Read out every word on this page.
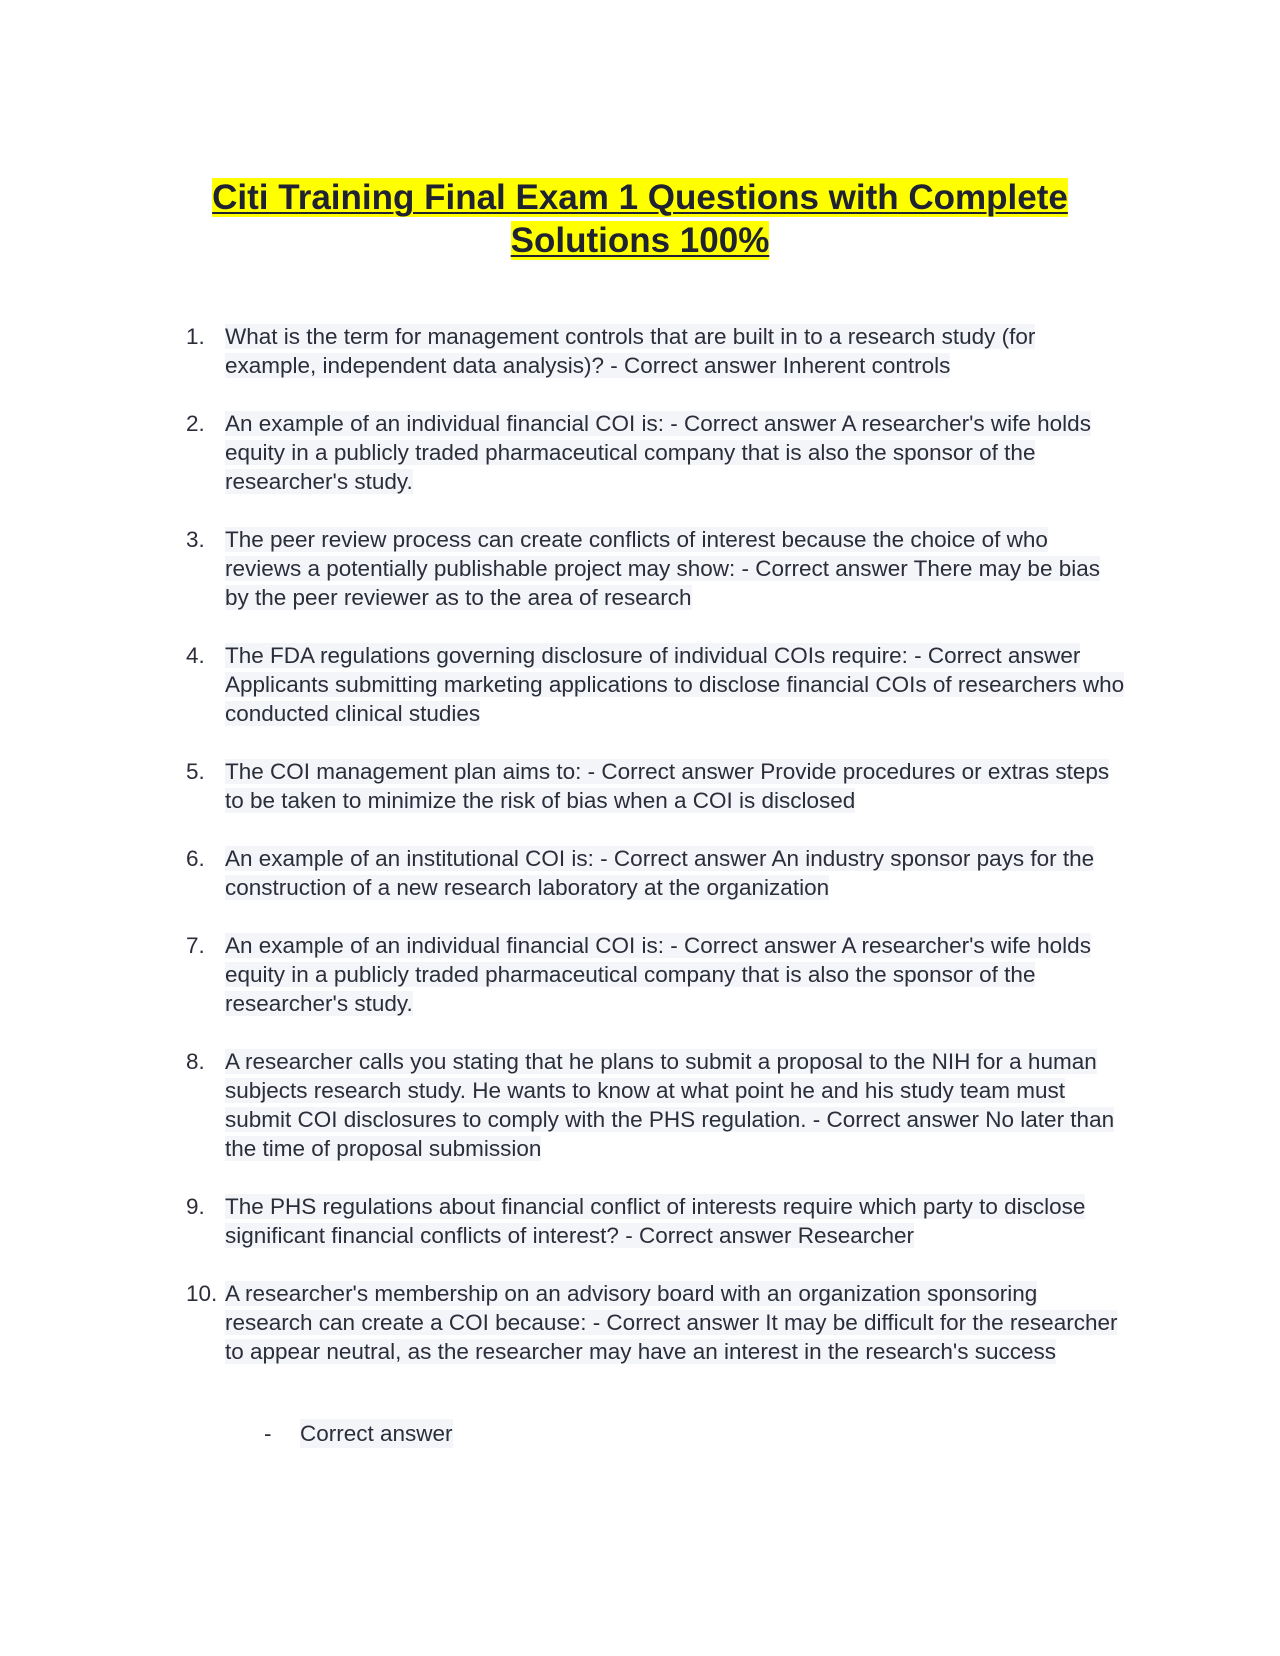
Citi Training Final Exam 1 Questions with Complete Solutions 100%
1. What is the term for management controls that are built in to a research study (for example, independent data analysis)? - Correct answer Inherent controls
2. An example of an individual financial COI is: - Correct answer A researcher's wife holds equity in a publicly traded pharmaceutical company that is also the sponsor of the researcher's study.
3. The peer review process can create conflicts of interest because the choice of who reviews a potentially publishable project may show: - Correct answer There may be bias by the peer reviewer as to the area of research
4. The FDA regulations governing disclosure of individual COIs require: - Correct answer Applicants submitting marketing applications to disclose financial COIs of researchers who conducted clinical studies
5. The COI management plan aims to: - Correct answer Provide procedures or extras steps to be taken to minimize the risk of bias when a COI is disclosed
6. An example of an institutional COI is: - Correct answer An industry sponsor pays for the construction of a new research laboratory at the organization
7. An example of an individual financial COI is: - Correct answer A researcher's wife holds equity in a publicly traded pharmaceutical company that is also the sponsor of the researcher's study.
8. A researcher calls you stating that he plans to submit a proposal to the NIH for a human subjects research study. He wants to know at what point he and his study team must submit COI disclosures to comply with the PHS regulation. - Correct answer No later than the time of proposal submission
9. The PHS regulations about financial conflict of interests require which party to disclose significant financial conflicts of interest? - Correct answer Researcher
10. A researcher's membership on an advisory board with an organization sponsoring research can create a COI because: - Correct answer It may be difficult for the researcher to appear neutral, as the researcher may have an interest in the research's success
- Correct answer
